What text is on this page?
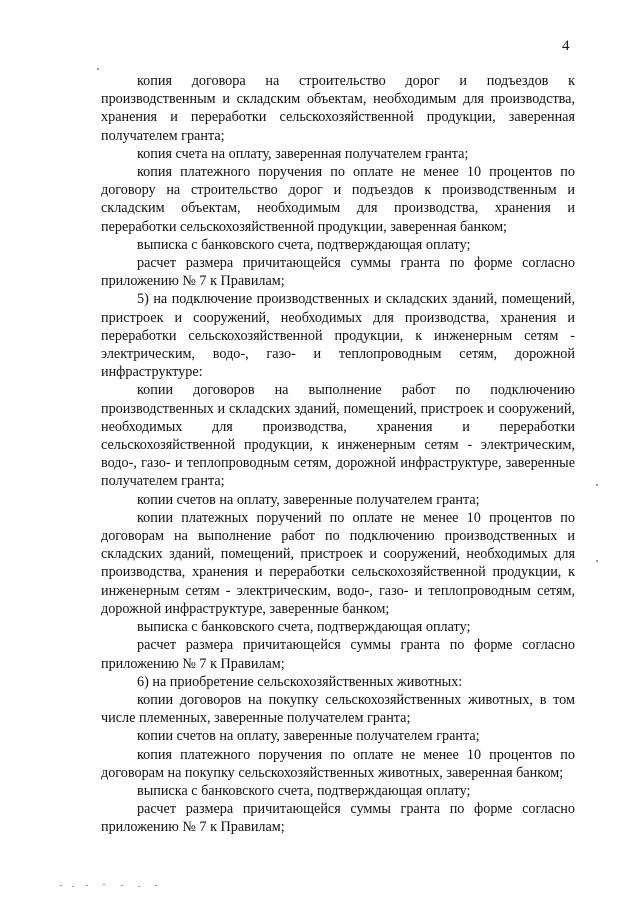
4

копия договора на строительство дорог и подъездов к производственным и складским объектам, необходимым для производства, хранения и переработки сельскохозяйственной продукции, заверенная получателем гранта;

копия счета на оплату, заверенная получателем гранта;

копия платежного поручения по оплате не менее 10 процентов по договору на строительство дорог и подъездов к производственным и складским объектам, необходимым для производства, хранения и переработки сельскохозяйственной продукции, заверенная банком;

выписка с банковского счета, подтверждающая оплату;

расчет размера причитающейся суммы гранта по форме согласно приложению № 7 к Правилам;

5) на подключение производственных и складских зданий, помещений, пристроек и сооружений, необходимых для производства, хранения и переработки сельскохозяйственной продукции, к инженерным сетям - электрическим, водо-, газо- и теплопроводным сетям, дорожной инфраструктуре:

копии договоров на выполнение работ по подключению производственных и складских зданий, помещений, пристроек и сооружений, необходимых для производства, хранения и переработки сельскохозяйственной продукции, к инженерным сетям - электрическим, водо-, газо- и теплопроводным сетям, дорожной инфраструктуре, заверенные получателем гранта;

копии счетов на оплату, заверенные получателем гранта;

копии платежных поручений по оплате не менее 10 процентов по договорам на выполнение работ по подключению производственных и складских зданий, помещений, пристроек и сооружений, необходимых для производства, хранения и переработки сельскохозяйственной продукции, к инженерным сетям - электрическим, водо-, газо- и теплопроводным сетям, дорожной инфраструктуре, заверенные банком;

выписка с банковского счета, подтверждающая оплату;

расчет размера причитающейся суммы гранта по форме согласно приложению № 7 к Правилам;

6) на приобретение сельскохозяйственных животных:

копии договоров на покупку сельскохозяйственных животных, в том числе племенных, заверенные получателем гранта;

копии счетов на оплату, заверенные получателем гранта;

копия платежного поручения по оплате не менее 10 процентов по договорам на покупку сельскохозяйственных животных, заверенная банком;

выписка с банковского счета, подтверждающая оплату;

расчет размера причитающейся суммы гранта по форме согласно приложению № 7 к Правилам;
